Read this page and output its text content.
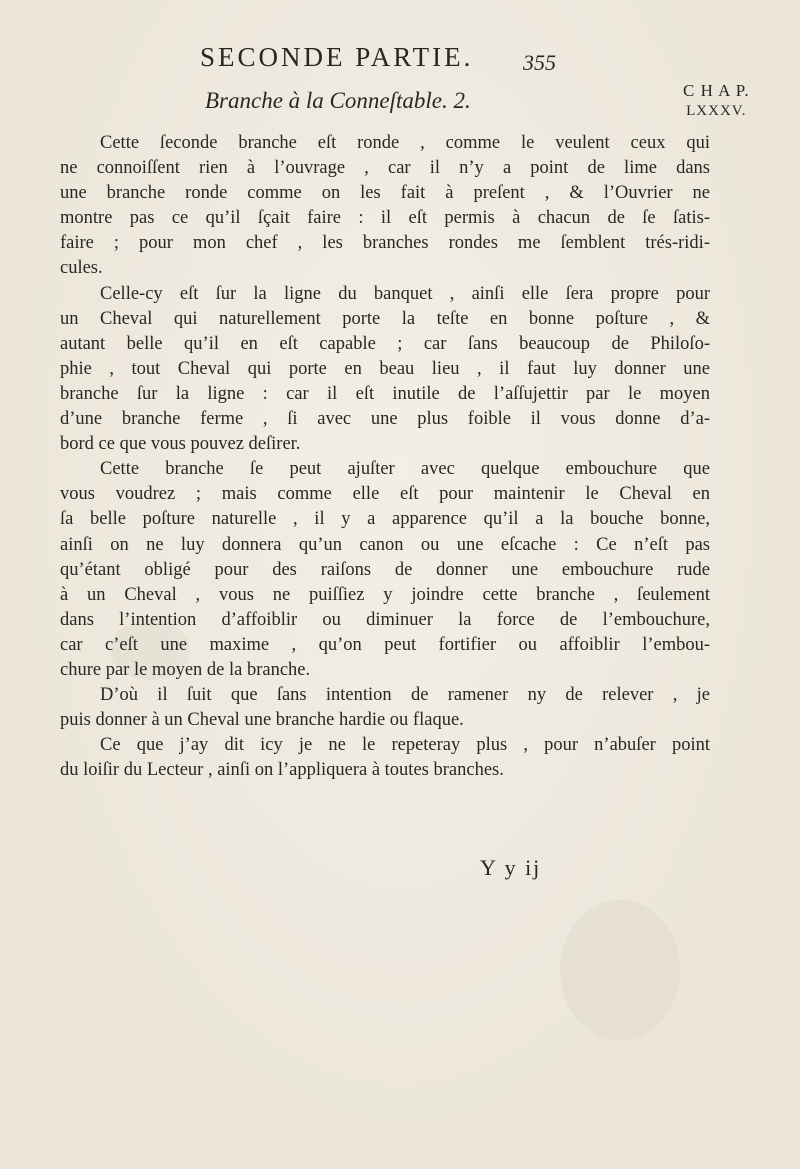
SECONDE PARTIE. 355
Branche à la Conneſtable. 2.	C H A P.
LXXXV.
Cette ſeconde branche eſt ronde , comme le veulent ceux qui
ne connoiſſent rien à l’ouvrage , car il n’y a point de lime dans
une branche ronde comme on les fait à preſent , & l’Ouvrier ne
montre pas ce qu’il ſçait faire : il eſt permis à chacun de ſe ſatis-
faire ; pour mon chef , les branches rondes me ſemblent trés-ridi-
cules.
Celle-cy eſt ſur la ligne du banquet , ainſi elle ſera propre pour
un Cheval qui naturellement porte la teſte en bonne poſture , &
autant belle qu’il en eſt capable ; car ſans beaucoup de Philoſo-
phie , tout Cheval qui porte en beau lieu , il faut luy donner une
branche ſur la ligne : car il eſt inutile de l’aſſujettir par le moyen
d’une branche ferme , ſi avec une plus foible il vous donne d’a-
bord ce que vous pouvez deſirer.
Cette branche ſe peut ajuſter avec quelque embouchure que
vous voudrez ; mais comme elle eſt pour maintenir le Cheval en
ſa belle poſture naturelle , il y a apparence qu’il a la bouche bonne,
ainſi on ne luy donnera qu’un canon ou une eſcache : Ce n’eſt pas
qu’étant obligé pour des raiſons de donner une embouchure rude
à un Cheval , vous ne puiſſiez y joindre cette branche , ſeulement
dans l’intention d’affoiblir ou diminuer la force de l’embouchure,
car c’eſt une maxime , qu’on peut fortifier ou affoiblir l’embou-
chure par le moyen de la branche.
D’où il ſuit que ſans intention de ramener ny de relever , je
puis donner à un Cheval une branche hardie ou flaque.
Ce que j’ay dit icy je ne le repeteray plus , pour n’abuſer point
du loiſir du Lecteur , ainſi on l’appliquera à toutes branches.
Y y ij
